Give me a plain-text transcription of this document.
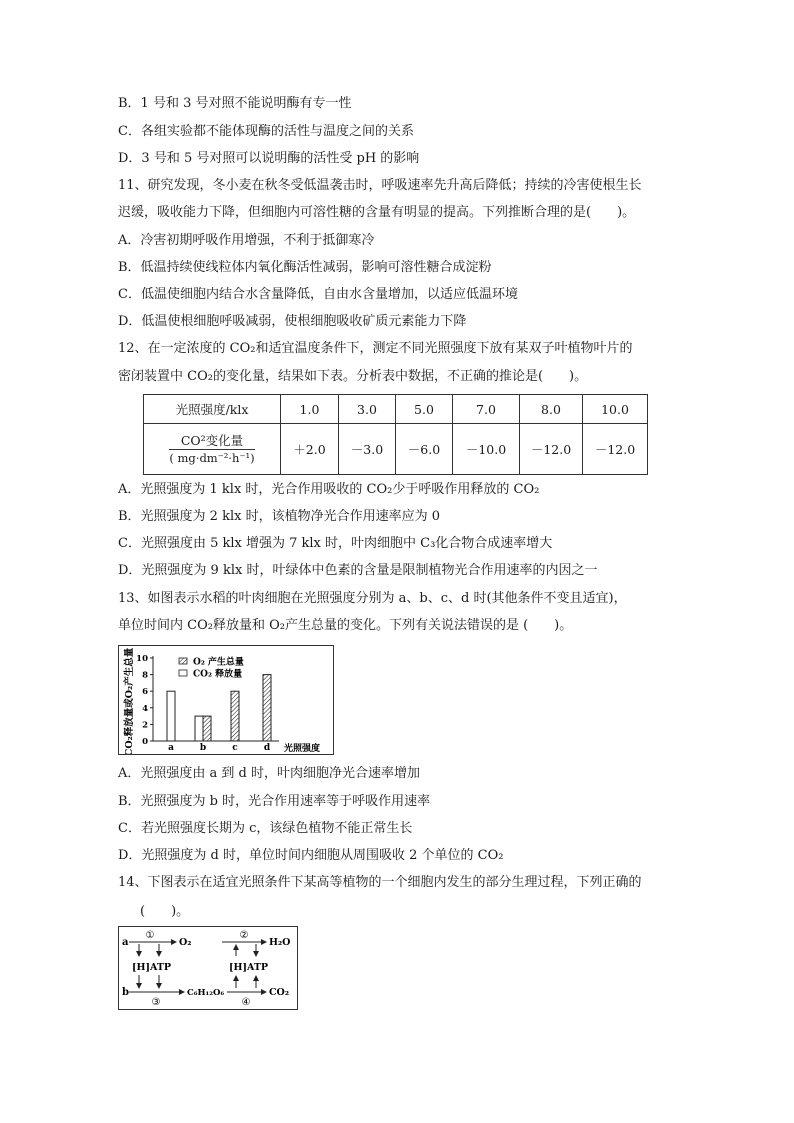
B．1 号和 3 号对照不能说明酶有专一性
C．各组实验都不能体现酶的活性与温度之间的关系
D．3 号和 5 号对照可以说明酶的活性受 pH 的影响
11、研究发现，冬小麦在秋冬受低温袭击时，呼吸速率先升高后降低；持续的冷害使根生长
迟缓，吸收能力下降，但细胞内可溶性糖的含量有明显的提高。下列推断合理的是(　　)。
A．冷害初期呼吸作用增强，不利于抵御寒冷
B．低温持续使线粒体内氧化酶活性减弱，影响可溶性糖合成淀粉
C．低温使细胞内结合水含量降低，自由水含量增加，以适应低温环境
D．低温使根细胞呼吸减弱，使根细胞吸收矿质元素能力下降
12、在一定浓度的 CO₂和适宜温度条件下，测定不同光照强度下放有某双子叶植物叶片的
密闭装置中 CO₂的变化量，结果如下表。分析表中数据，不正确的推论是(　　)。
光照强度/klx	1.0	3.0	5.0	7.0	8.0	10.0

CO²变化量
( mg·dm⁻²·h⁻¹)	＋2.0	－3.0	－6.0	－10.0	－12.0	－12.0
A．光照强度为 1 klx 时，光合作用吸收的 CO₂少于呼吸作用释放的 CO₂
B．光照强度为 2 klx 时，该植物净光合作用速率应为 0
C．光照强度由 5 klx 增强为 7 klx 时，叶肉细胞中 C₃化合物合成速率增大
D．光照强度为 9 klx 时，叶绿体中色素的含量是限制植物光合作用速率的内因之一
13、如图表示水稻的叶肉细胞在光照强度分别为 a、b、c、d 时(其他条件不变且适宜)，
单位时间内 CO₂释放量和 O₂产生总量的变化。下列有关说法错误的是 (　　)。
CO₂释放量或O₂产生总量 0
2
4
6
8
10
a	b	c	d
O₂ 产生总量
CO₂ 释放量
光照强度
A．光照强度由 a 到 d 时，叶肉细胞净光合速率增加
B．光照强度为 b 时，光合作用速率等于呼吸作用速率
C．若光照强度长期为 c，该绿色植物不能正常生长
D．光照强度为 d 时，单位时间内细胞从周围吸收 2 个单位的 CO₂
14、下图表示在适宜光照条件下某高等植物的一个细胞内发生的部分生理过程，下列正确的
(　　)。
a
①
O₂
[H]ATP
b
③
C₆H₁₂O₆
②
H₂O
[H]ATP
④
CO₂
